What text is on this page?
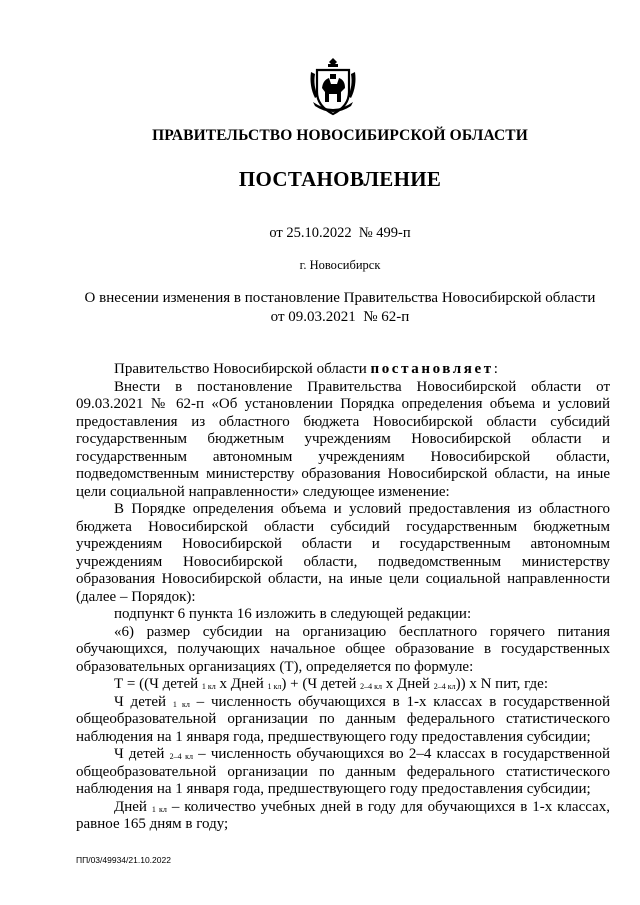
ПРАВИТЕЛЬСТВО НОВОСИБИРСКОЙ ОБЛАСТИ
ПОСТАНОВЛЕНИЕ
от 25.10.2022  № 499-п
г. Новосибирск
О внесении изменения в постановление Правительства Новосибирской области
от 09.03.2021  № 62-п

Правительство Новосибирской области постановляет:

Внести в постановление Правительства Новосибирской области от 09.03.2021 № 62-п «Об установлении Порядка определения объема и условий предоставления из областного бюджета Новосибирской области субсидий государственным бюджетным учреждениям Новосибирской области и государственным автономным учреждениям Новосибирской области, подведомственным министерству образования Новосибирской области, на иные цели социальной направленности» следующее изменение:

В Порядке определения объема и условий предоставления из областного бюджета Новосибирской области субсидий государственным бюджетным учреждениям Новосибирской области и государственным автономным учреждениям Новосибирской области, подведомственным министерству образования Новосибирской области, на иные цели социальной направленности (далее – Порядок):

подпункт 6 пункта 16 изложить в следующей редакции:

«6) размер субсидии на организацию бесплатного горячего питания обучающихся, получающих начальное общее образование в государственных образовательных организациях (Т), определяется по формуле:

Т = ((Ч детей $_{1 кл}$ х Дней $_{1 кл}$) + (Ч детей $_{2-4 кл}$ х Дней $_{2-4 кл}$)) х N пит, где:

Ч детей $_{1 кл}$ – численность обучающихся в 1-х классах в государственной общеобразовательной организации по данным федерального статистического наблюдения на 1 января года, предшествующего году предоставления субсидии;

Ч детей $_{2-4 кл}$ – численность обучающихся во 2–4 классах в государственной общеобразовательной организации по данным федерального статистического наблюдения на 1 января года, предшествующего году предоставления субсидии;

Дней $_{1 кл}$ – количество учебных дней в году для обучающихся в 1-х классах, равное 165 дням в году;

ПП/03/49934/21.10.2022
